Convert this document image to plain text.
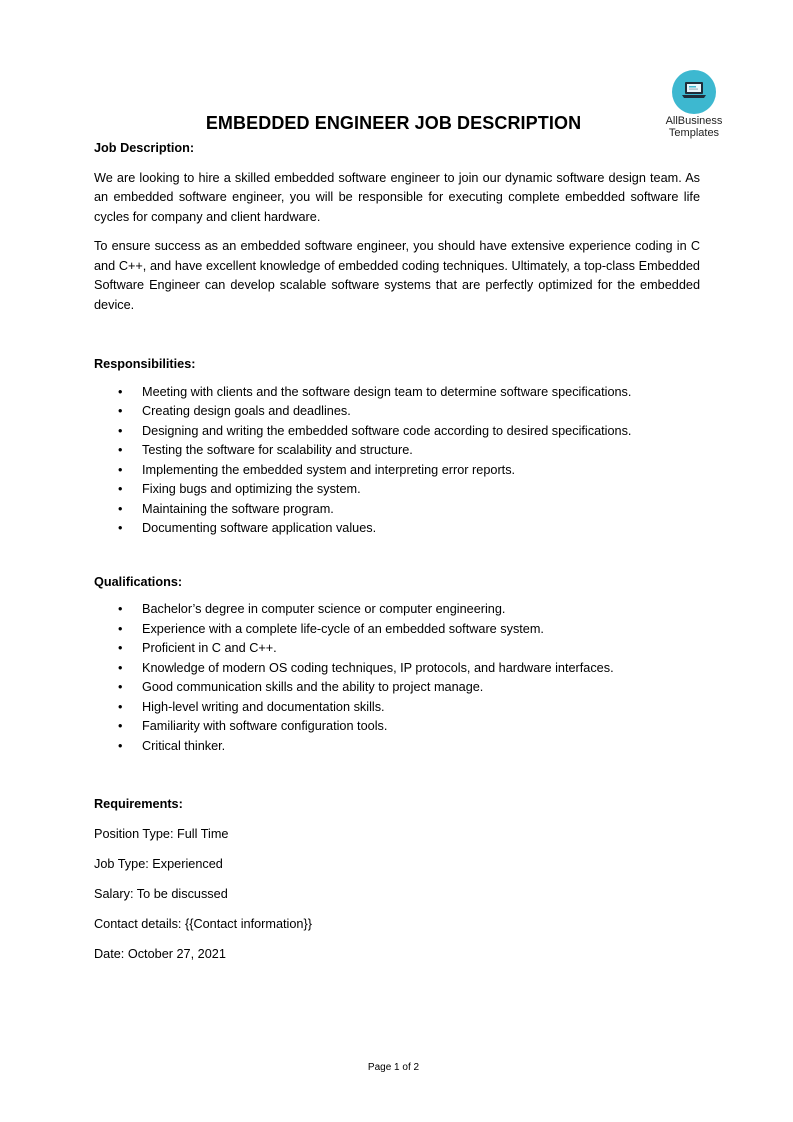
AllBusiness
Templates
EMBEDDED ENGINEER JOB DESCRIPTION

Job Description:

We are looking to hire a skilled embedded software engineer to join our dynamic software design team. As an embedded software engineer, you will be responsible for executing complete embedded software life cycles for company and client hardware.

To ensure success as an embedded software engineer, you should have extensive experience coding in C and C++, and have excellent knowledge of embedded coding techniques. Ultimately, a top-class Embedded Software Engineer can develop scalable software systems that are perfectly optimized for the embedded device.

Responsibilities:

• Meeting with clients and the software design team to determine software specifications.
• Creating design goals and deadlines.
• Designing and writing the embedded software code according to desired specifications.
• Testing the software for scalability and structure.
• Implementing the embedded system and interpreting error reports.
• Fixing bugs and optimizing the system.
• Maintaining the software program.
• Documenting software application values.

Qualifications:

• Bachelor’s degree in computer science or computer engineering.
• Experience with a complete life-cycle of an embedded software system.
• Proficient in C and C++.
• Knowledge of modern OS coding techniques, IP protocols, and hardware interfaces.
• Good communication skills and the ability to project manage.
• High-level writing and documentation skills.
• Familiarity with software configuration tools.
• Critical thinker.

Requirements:

Position Type: Full Time

Job Type: Experienced

Salary: To be discussed

Contact details: {{Contact information}}

Date: October 27, 2021

Page 1 of 2
